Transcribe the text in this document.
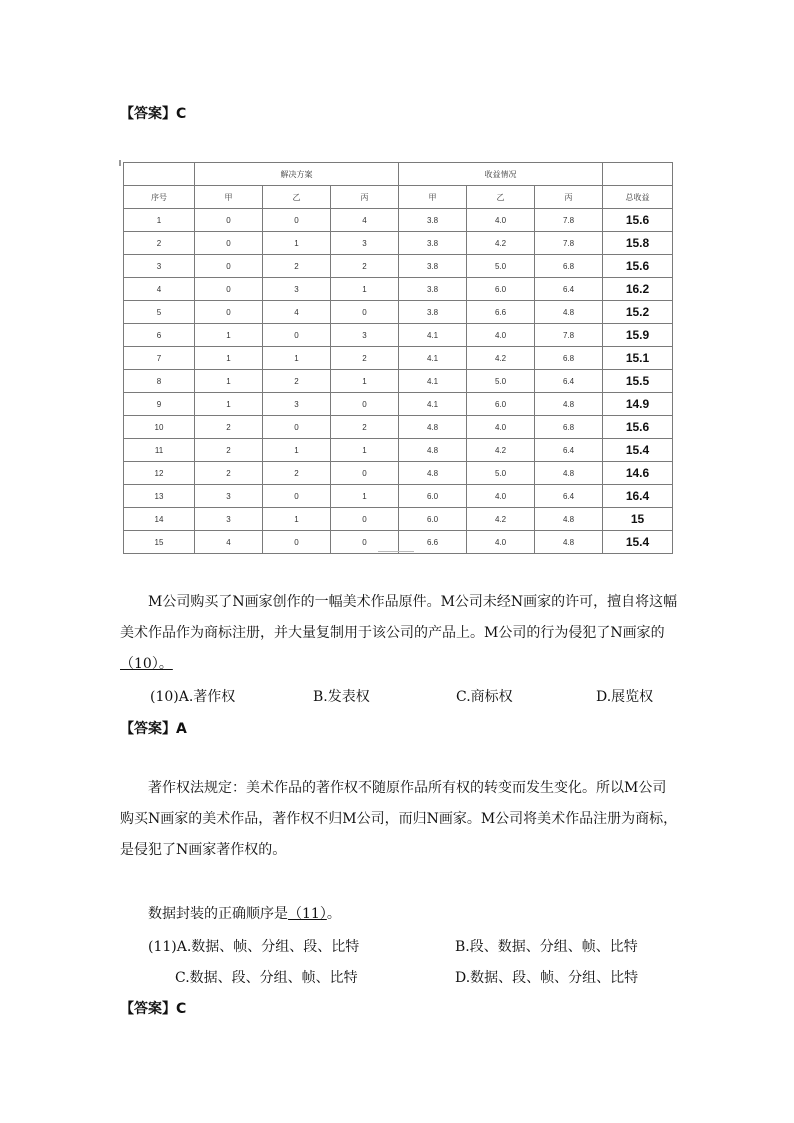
【答案】C
	解决方案			收益情况			
序号	甲	乙	丙	甲	乙	丙	总收益
1	0	0	4	3.8	4.0	7.8	15.6
2	0	1	3	3.8	4.2	7.8	15.8
3	0	2	2	3.8	5.0	6.8	15.6
4	0	3	1	3.8	6.0	6.4	16.2
5	0	4	0	3.8	6.6	4.8	15.2
6	1	0	3	4.1	4.0	7.8	15.9
7	1	1	2	4.1	4.2	6.8	15.1
8	1	2	1	4.1	5.0	6.4	15.5
9	1	3	0	4.1	6.0	4.8	14.9
10	2	0	2	4.8	4.0	6.8	15.6
11	2	1	1	4.8	4.2	6.4	15.4
12	2	2	0	4.8	5.0	4.8	14.6
13	3	0	1	6.0	4.0	6.4	16.4
14	3	1	0	6.0	4.2	4.8	15
15	4	0	0	6.6	4.0	4.8	15.4
M公司购买了N画家创作的一幅美术作品原件。M公司未经N画家的许可，擅自将这幅美术作品作为商标注册，并大量复制用于该公司的产品上。M公司的行为侵犯了N画家的（10）。
(10)A.著作权	B.发表权	C.商标权	D.展览权
【答案】A
著作权法规定：美术作品的著作权不随原作品所有权的转变而发生变化。所以M公司购买N画家的美术作品，著作权不归M公司，而归N画家。M公司将美术作品注册为商标，是侵犯了N画家著作权的。
数据封装的正确顺序是（11）。
(11)A.数据、帧、分组、段、比特	B.段、数据、分组、帧、比特
C.数据、段、分组、帧、比特	D.数据、段、帧、分组、比特
【答案】C
